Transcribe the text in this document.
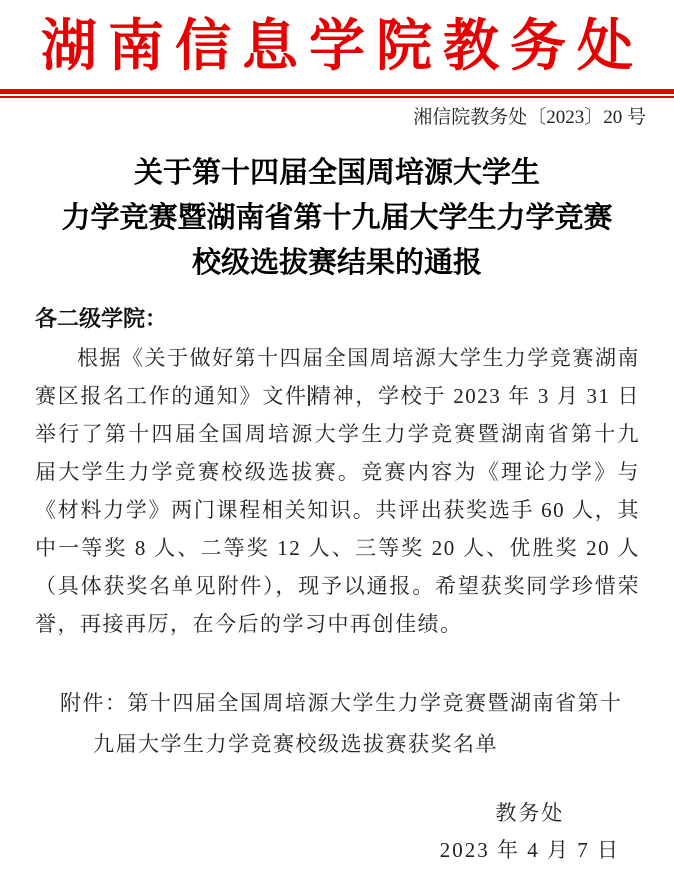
湖南信息学院教务处
湘信院教务处〔2023〕20 号
关于第十四届全国周培源大学生
力学竞赛暨湖南省第十九届大学生力学竞赛
校级选拔赛结果的通报
各二级学院：

根据《关于做好第十四届全国周培源大学生力学竞赛湖南赛区报名工作的通知》文件精神，学校于 2023 年 3 月 31 日举行了第十四届全国周培源大学生力学竞赛暨湖南省第十九届大学生力学竞赛校级选拔赛。竞赛内容为《理论力学》与《材料力学》两门课程相关知识。共评出获奖选手 60 人，其中一等奖 8 人、二等奖 12 人、三等奖 20 人、优胜奖 20 人（具体获奖名单见附件），现予以通报。希望获奖同学珍惜荣誉，再接再厉，在今后的学习中再创佳绩。

附件：第十四届全国周培源大学生力学竞赛暨湖南省第十
九届大学生力学竞赛校级选拔赛获奖名单
教务处
2023 年 4 月 7 日
